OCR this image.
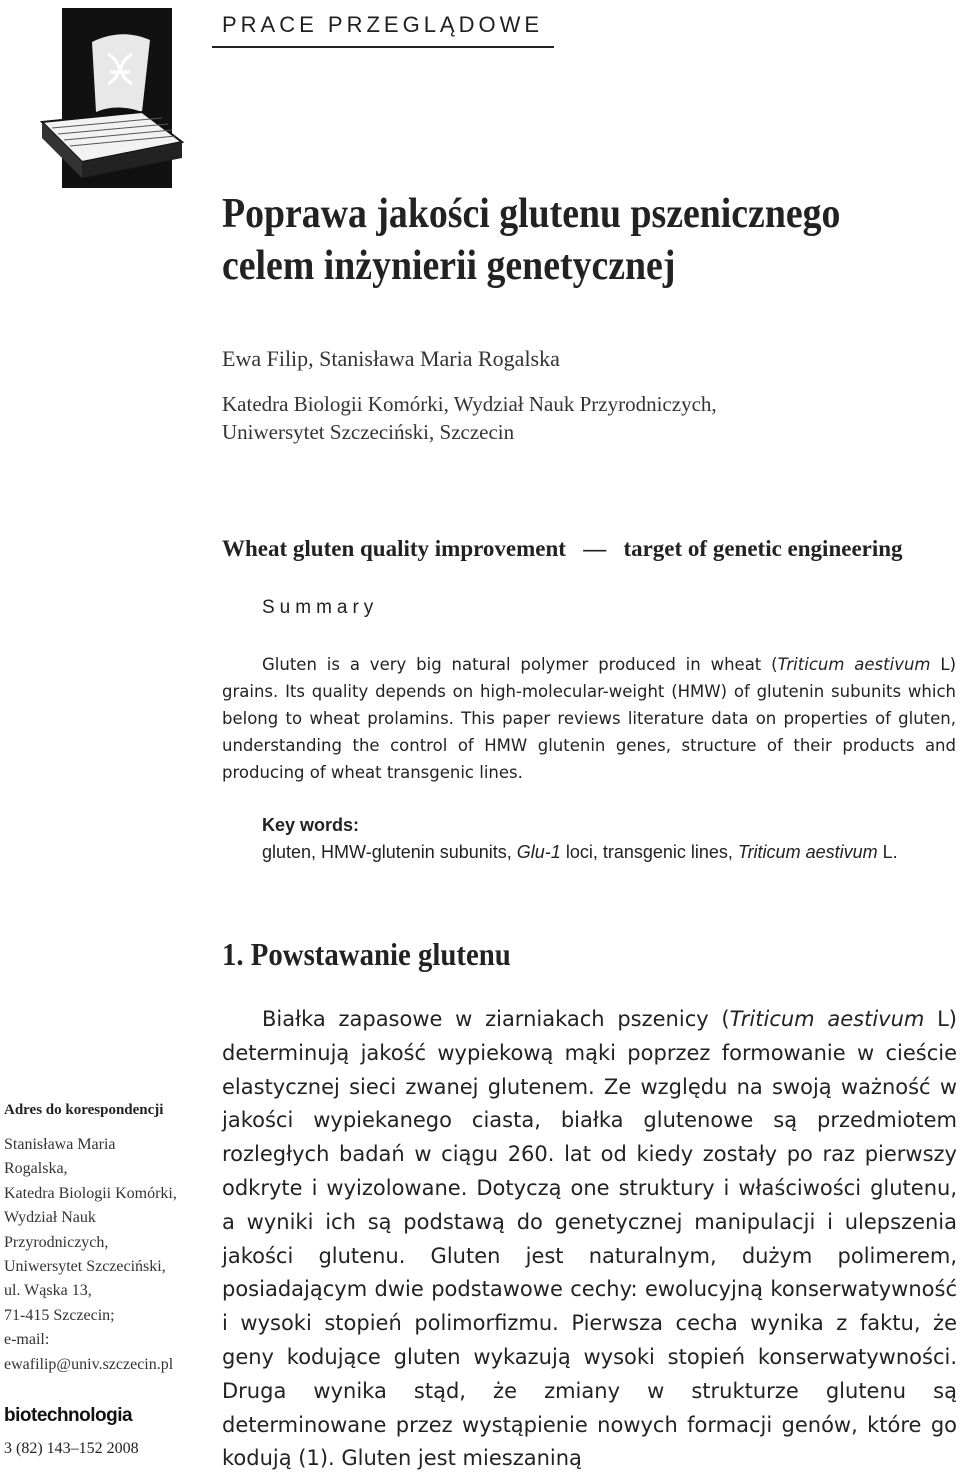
PRACE PRZEGLĄDOWE
Poprawa jakości glutenu pszenicznego
celem inżynierii genetycznej
Ewa Filip, Stanisława Maria Rogalska
Katedra Biologii Komórki, Wydział Nauk Przyrodniczych,
Uniwersytet Szczeciński, Szczecin
Wheat gluten quality improvement — target of genetic engineering
Summary
Gluten is a very big natural polymer produced in wheat (Triticum aestivum L) grains. Its quality depends on high-molecular-weight (HMW) of glutenin subunits which belong to wheat prolamins. This paper reviews literature data on properties of gluten, understanding the control of HMW glutenin genes, structure of their products and producing of wheat transgenic lines.
Key words:
gluten, HMW-glutenin subunits, Glu-1 loci, transgenic lines, Triticum aestivum L.
1. Powstawanie glutenu
Białka zapasowe w ziarniakach pszenicy (Triticum aestivum L) determinują jakość wypiekową mąki poprzez formowanie w cieście elastycznej sieci zwanej glutenem. Ze względu na swoją ważność w jakości wypiekanego ciasta, białka glutenowe są przedmiotem rozległych badań w ciągu 260. lat od kiedy zostały po raz pierwszy odkryte i wyizolowane. Dotyczą one struktury i właściwości glutenu, a wyniki ich są podstawą do genetycznej manipulacji i ulepszenia jakości glutenu. Gluten jest naturalnym, dużym polimerem, posiadającym dwie podstawowe cechy: ewolucyjną konserwatywność i wysoki stopień polimorfizmu. Pierwsza cecha wynika z faktu, że geny kodujące gluten wykazują wysoki stopień konserwatywności. Druga wynika stąd, że zmiany w strukturze glutenu są determinowane przez wystąpienie nowych formacji genów, które go kodują (1). Gluten jest mieszaniną
Adres do korespondencji
Stanisława Maria
Rogalska,
Katedra Biologii Komórki,
Wydział Nauk
Przyrodniczych,
Uniwersytet Szczeciński,
ul. Wąska 13,
71-415 Szczecin;
e-mail:
ewafilip@univ.szczecin.pl
biotechnologia
3 (82) 143–152 2008
